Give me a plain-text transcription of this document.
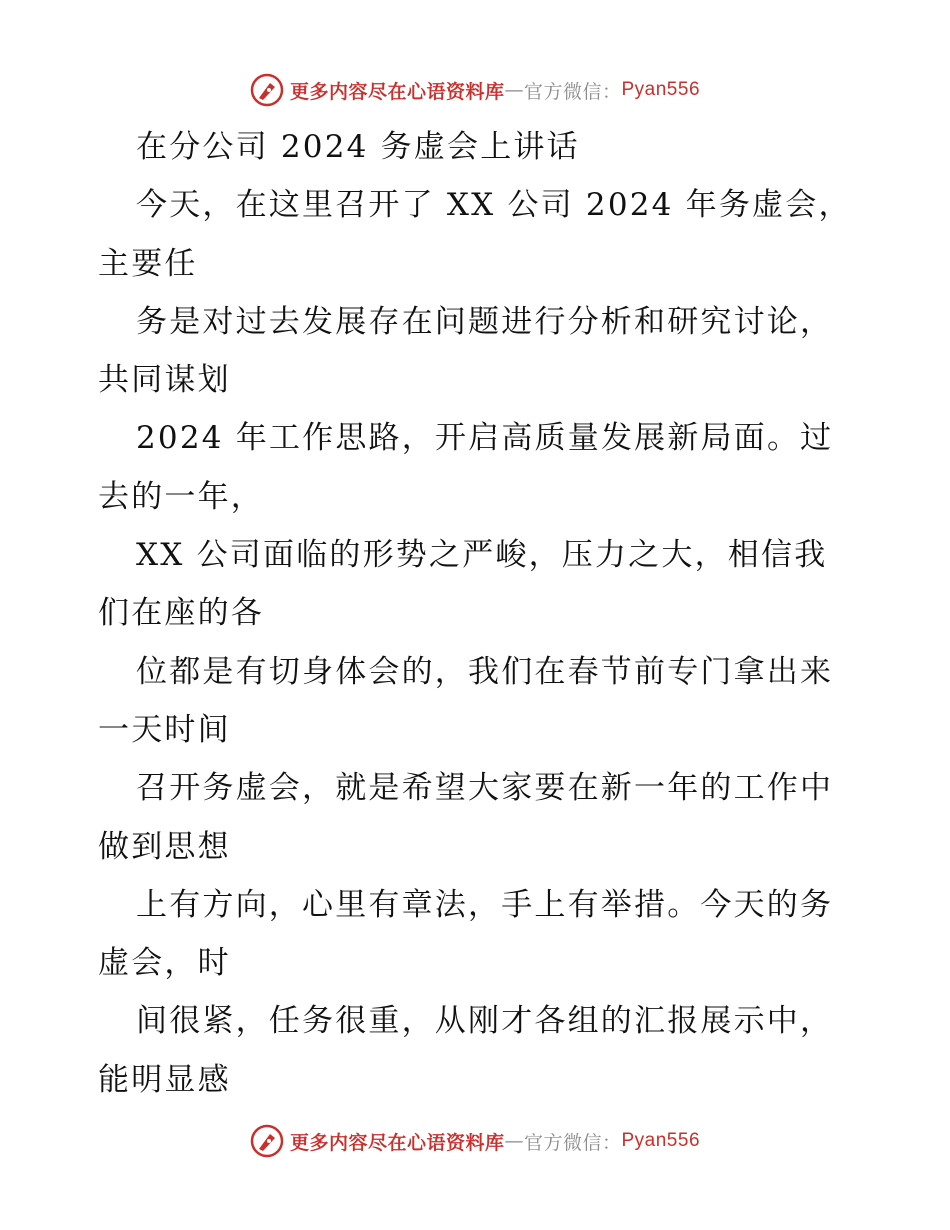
更多内容尽在心语资料库 — 官方微信： Pyan556
在分公司 2024 务虚会上讲话
今天，在这里召开了 XX 公司 2024 年务虚会，
主要任
务是对过去发展存在问题进行分析和研究讨论，
共同谋划
2024 年工作思路，开启高质量发展新局面。过
去的一年，
XX 公司面临的形势之严峻，压力之大，相信我
们在座的各
位都是有切身体会的，我们在春节前专门拿出来
一天时间
召开务虚会，就是希望大家要在新一年的工作中
做到思想
上有方向，心里有章法，手上有举措。今天的务
虚会，时
间很紧，任务很重，从刚才各组的汇报展示中，
能明显感
更多内容尽在心语资料库 — 官方微信： Pyan556
